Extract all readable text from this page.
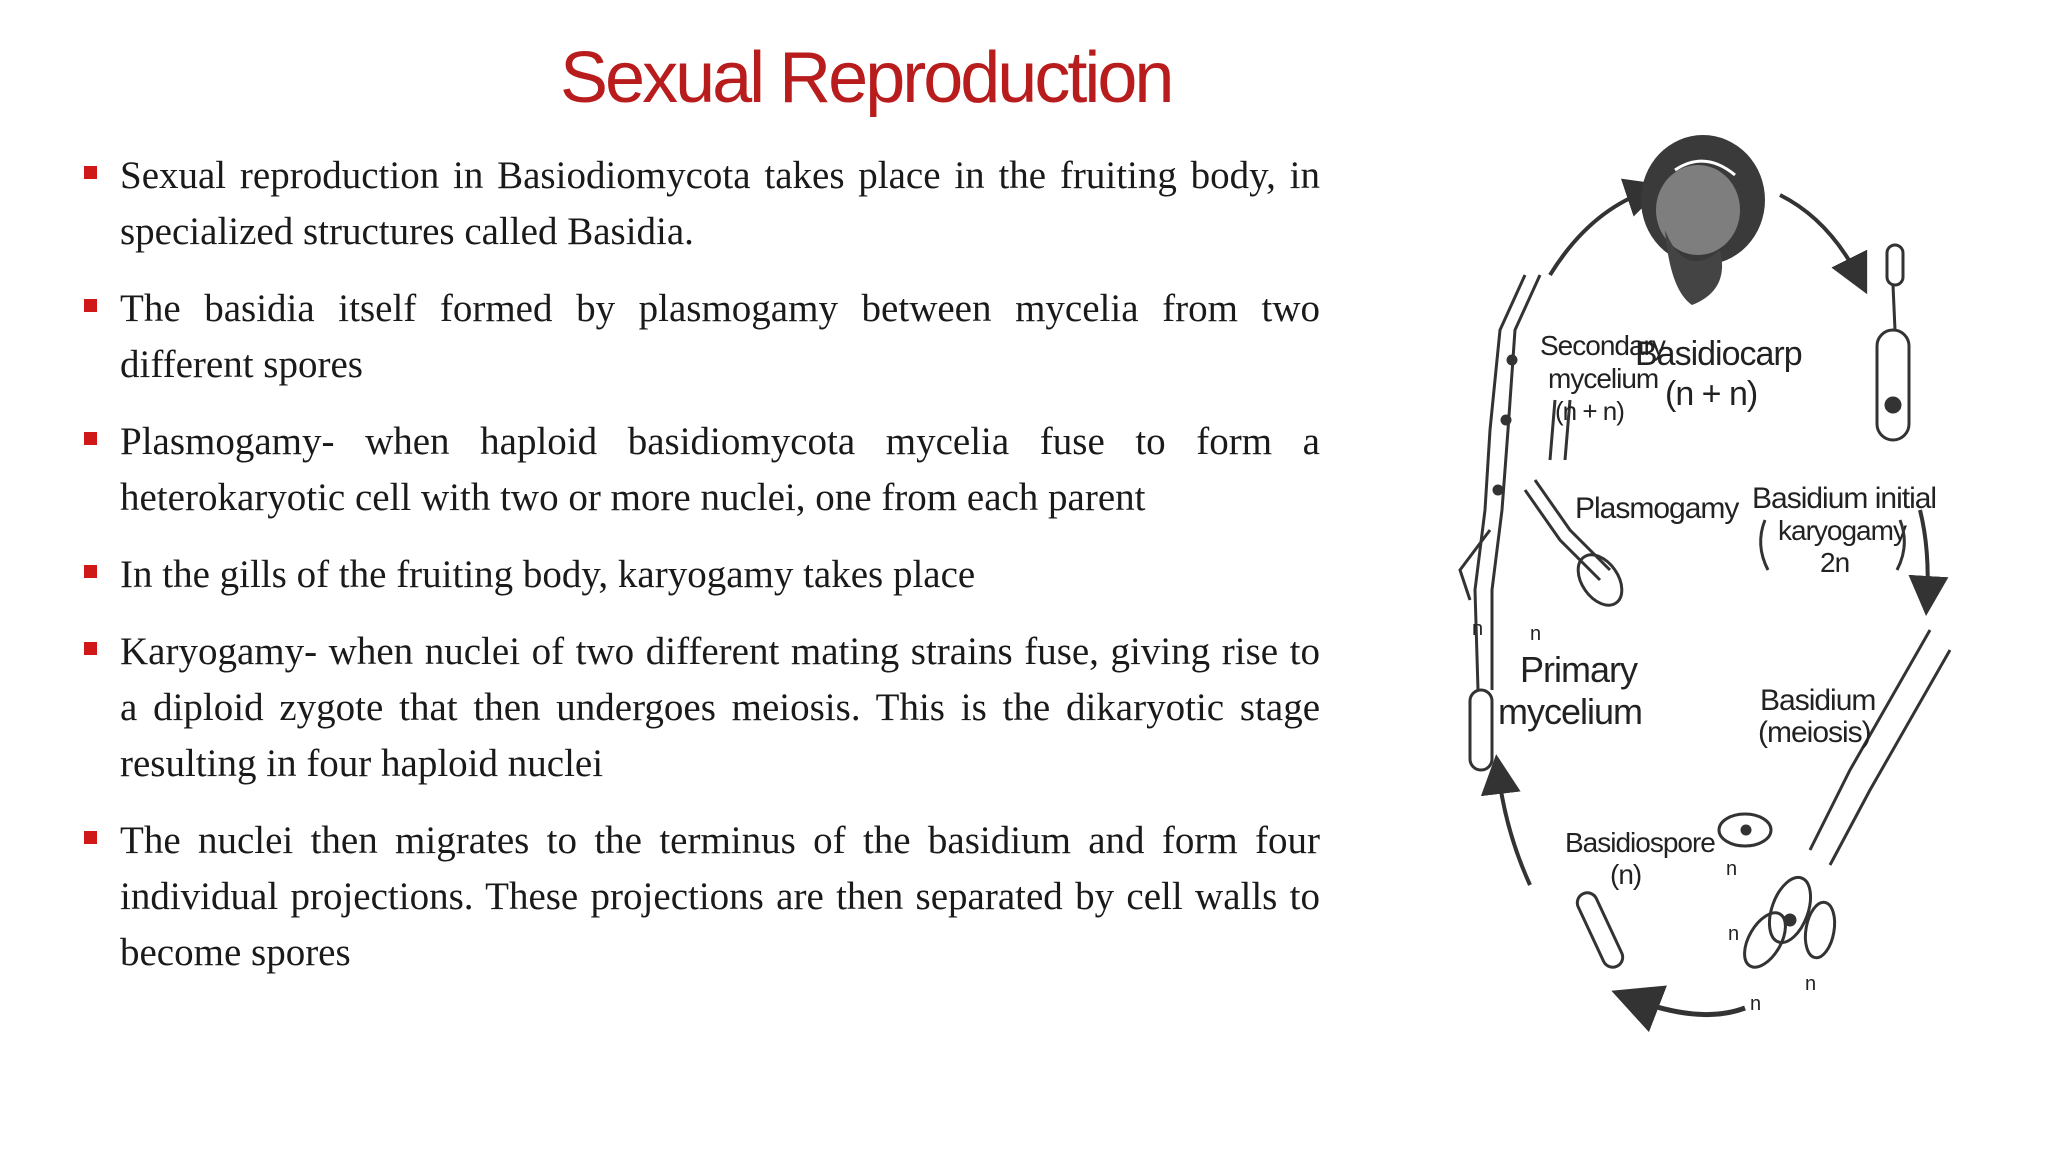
Sexual Reproduction
Sexual reproduction in Basiodiomycota takes place in the fruiting body, in specialized structures called Basidia.
The basidia itself formed by plasmogamy between mycelia from two different spores
Plasmogamy- when haploid basidiomycota mycelia fuse to form a heterokaryotic cell with two or more nuclei, one from each parent
In the gills of the fruiting body, karyogamy takes place
Karyogamy- when nuclei of two different mating strains fuse, giving rise to a diploid zygote that then undergoes meiosis. This is the dikaryotic stage resulting in four haploid nuclei
The nuclei then migrates to the terminus of the basidium and form four individual projections. These projections are then separated by cell walls to become spores
Secondary
mycelium
(n + n)
Basidiocarp
(n + n)
Plasmogamy Basidium initial
karyogamy
2n
Primary
mycelium	Basidium
(meiosis)
Basidiospore
(n)
n
n
n
n
n
n
